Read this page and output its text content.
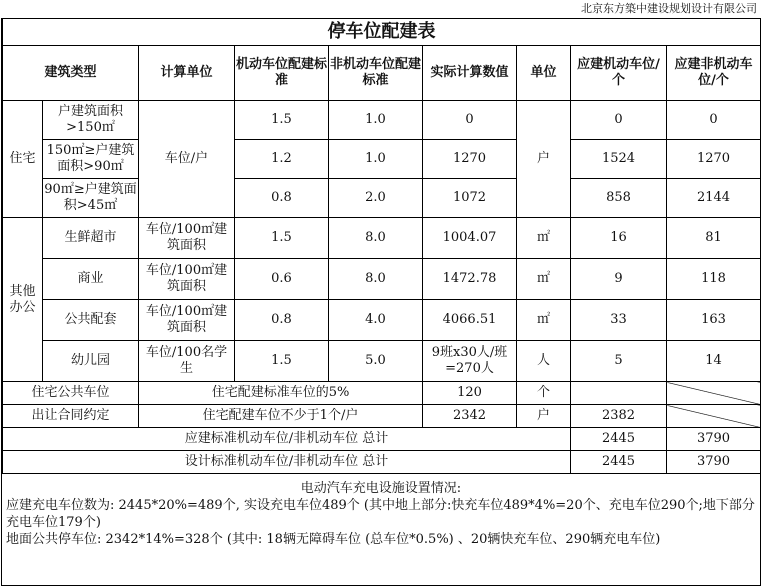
北京东方築中建设规划设计有限公司
停车位配建表								
建筑类型		计算单位	机动车位配建标准	非机动车位配建标准	实际计算数值	单位	应建机动车位/个	应建非机动车位/个
住宅	户建筑面积>150㎡	车位/户	1.5	1.0	0	户	0	0
	150㎡≥户建筑面积>90㎡		1.2	1.0	1270		1524	1270
	90㎡≥户建筑面积>45㎡		0.8	2.0	1072		858	2144
其他办公	生鲜超市	车位/100㎡建筑面积	1.5	8.0	1004.07	㎡	16	81
	商业	车位/100㎡建筑面积	0.6	8.0	1472.78	㎡	9	118
	公共配套	车位/100㎡建筑面积	0.8	4.0	4066.51	㎡	33	163
	幼儿园	车位/100名学生	1.5	5.0	9班x30人/班=270人	人	5	14
住宅公共车位		住宅配建标准车位的5%			120	个		
出让合同约定		住宅配建车位不少于1个/户			2342	户	2382	
应建标准机动车位/非机动车位 总计							2445	3790
设计标准机动车位/非机动车位 总计							2445	3790
电动汽车充电设施设置情况:
应建充电车位数为: 2445*20%=489个, 实设充电车位489个 (其中地上部分:快充车位489*4%=20个、充电车位290个;地下部分充电车位179个)
地面公共停车位: 2342*14%=328个 (其中: 18辆无障碍车位 (总车位*0.5%) 、20辆快充车位、290辆充电车位)
